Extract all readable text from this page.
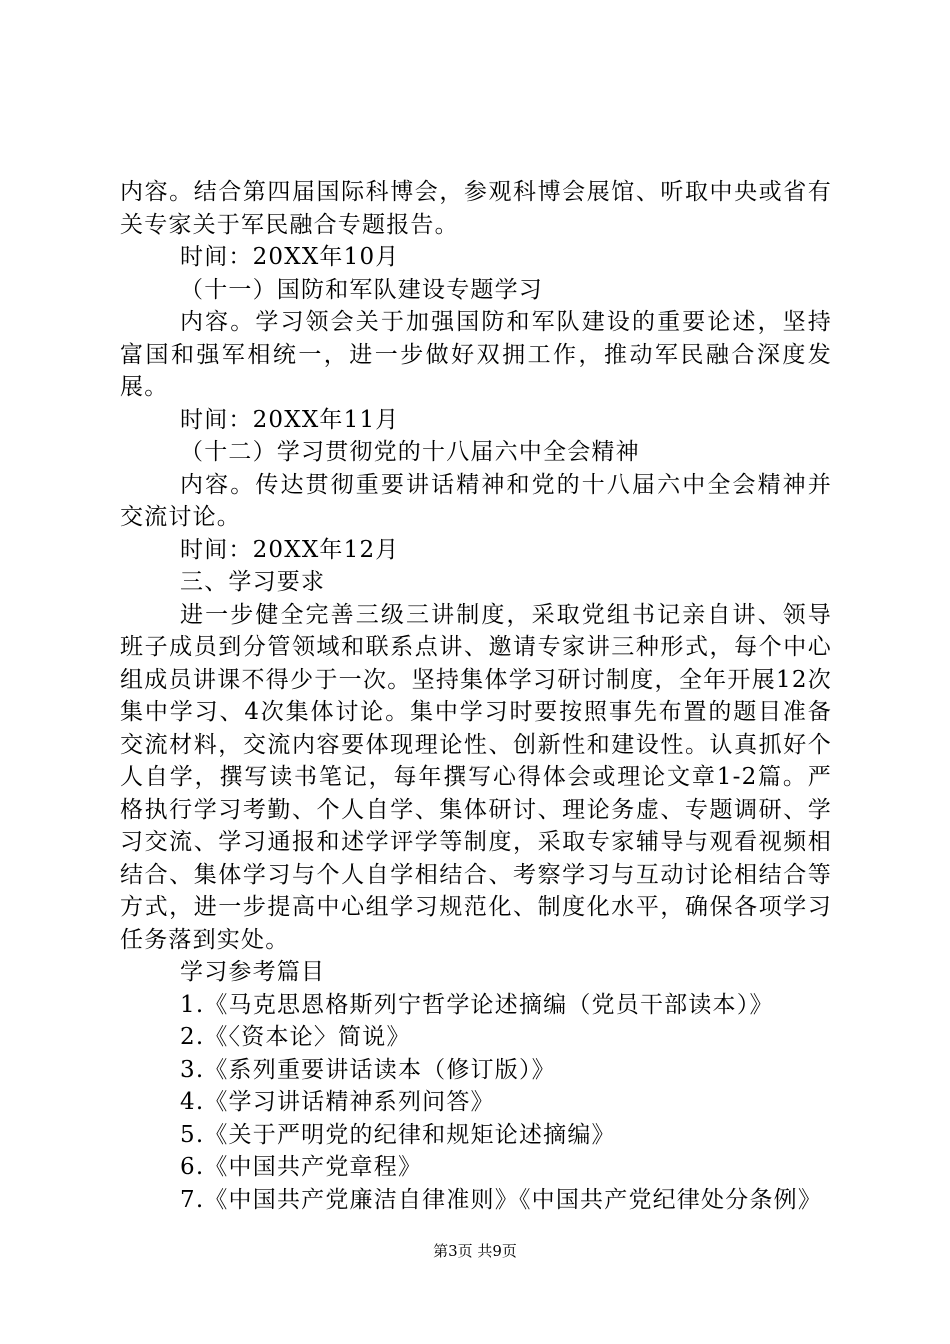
内容。结合第四届国际科博会，参观科博会展馆、听取中央或省有关专家关于军民融合专题报告。

时间：20XX年10月

（十一）国防和军队建设专题学习

内容。学习领会关于加强国防和军队建设的重要论述，坚持富国和强军相统一，进一步做好双拥工作，推动军民融合深度发展。

时间：20XX年11月

（十二）学习贯彻党的十八届六中全会精神

内容。传达贯彻重要讲话精神和党的十八届六中全会精神并交流讨论。

时间：20XX年12月

三、学习要求

进一步健全完善三级三讲制度，采取党组书记亲自讲、领导班子成员到分管领域和联系点讲、邀请专家讲三种形式，每个中心组成员讲课不得少于一次。坚持集体学习研讨制度，全年开展12次集中学习、4次集体讨论。集中学习时要按照事先布置的题目准备交流材料，交流内容要体现理论性、创新性和建设性。认真抓好个人自学，撰写读书笔记，每年撰写心得体会或理论文章1-2篇。严格执行学习考勤、个人自学、集体研讨、理论务虚、专题调研、学习交流、学习通报和述学评学等制度，采取专家辅导与观看视频相结合、集体学习与个人自学相结合、考察学习与互动讨论相结合等方式，进一步提高中心组学习规范化、制度化水平，确保各项学习任务落到实处。

学习参考篇目

1.《马克思恩格斯列宁哲学论述摘编（党员干部读本）》

2.《〈资本论〉简说》

3.《系列重要讲话读本（修订版）》

4.《学习讲话精神系列问答》

5.《关于严明党的纪律和规矩论述摘编》

6.《中国共产党章程》

7.《中国共产党廉洁自律准则》《中国共产党纪律处分条例》

第3页 共9页
